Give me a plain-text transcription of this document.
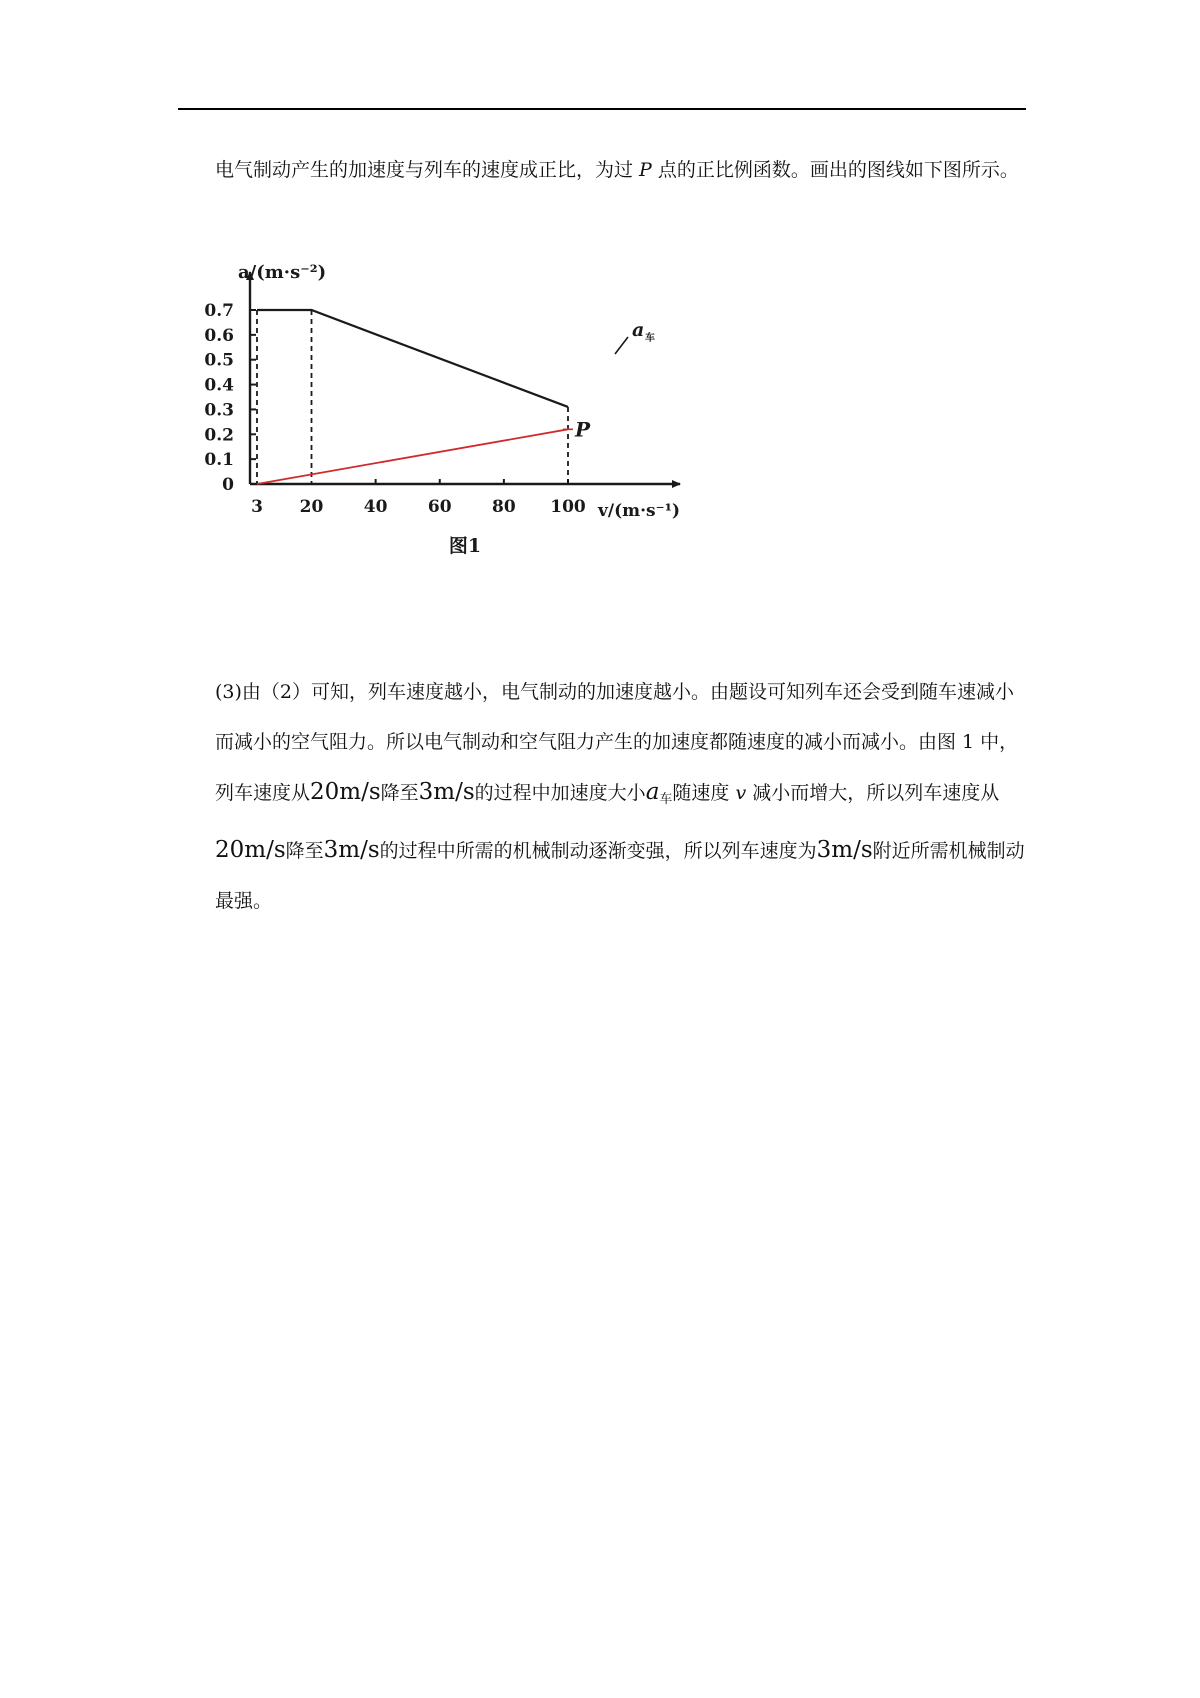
电气制动产生的加速度与列车的速度成正比，为过 P 点的正比例函数。画出的图线如下图所示。

0
0.1
0.2
0.3
0.4
0.5
0.6
0.7
3 20 40 60 80 100
a 车
P
a/(m·s⁻²)
v/(m·s⁻¹)
图1

(3)由（2）可知，列车速度越小，电气制动的加速度越小。由题设可知列车还会受到随车速减小而减小的空气阻力。所以电气制动和空气阻力产生的加速度都随速度的减小而减小。由图 1 中，列车速度从20m/s降至3m/s的过程中加速度大小$a_车$随速度 v 减小而增大，所以列车速度从20m/s降至3m/s的过程中所需的机械制动逐渐变强，所以列车速度为3m/s附近所需机械制动最强。
